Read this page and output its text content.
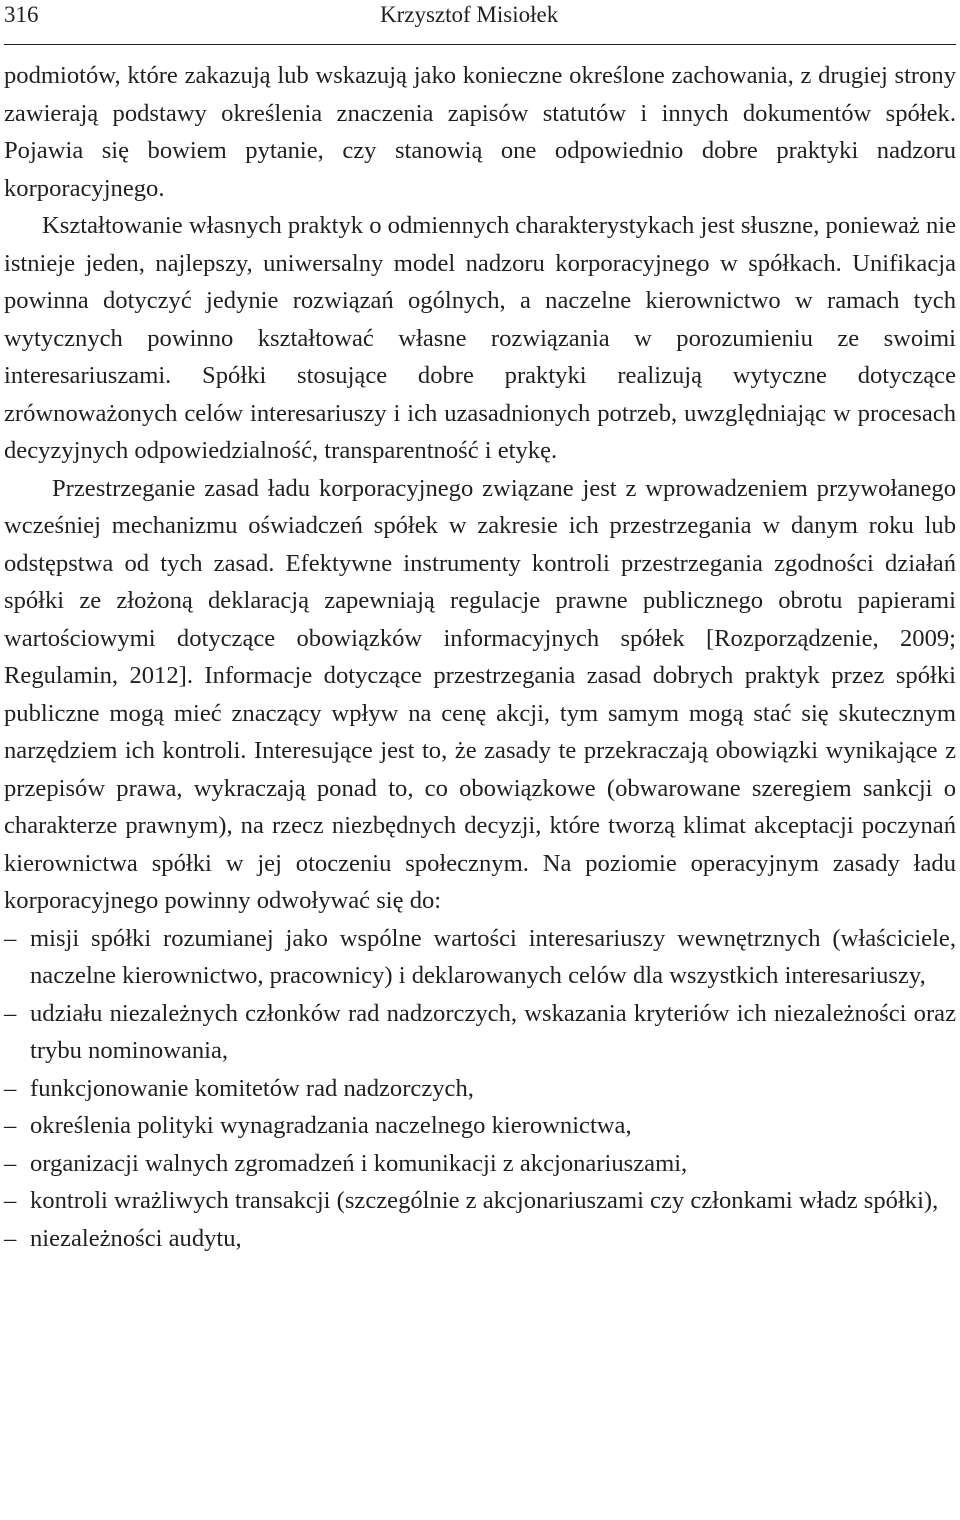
316	Krzysztof Misiołek

podmiotów, które zakazują lub wskazują jako konieczne określone zachowania, z drugiej strony zawierają podstawy określenia znaczenia zapisów statutów i innych dokumentów spółek. Pojawia się bowiem pytanie, czy stanowią one odpowiednio dobre praktyki nadzoru korporacyjnego.

Kształtowanie własnych praktyk o odmiennych charakterystykach jest słuszne, ponieważ nie istnieje jeden, najlepszy, uniwersalny model nadzoru korporacyjnego w spółkach. Unifikacja powinna dotyczyć jedynie rozwiązań ogólnych, a naczelne kierownictwo w ramach tych wytycznych powinno kształtować własne rozwiązania w porozumieniu ze swoimi interesariuszami. Spółki stosujące dobre praktyki realizują wytyczne dotyczące zrównoważonych celów interesariuszy i ich uzasadnionych potrzeb, uwzględniając w procesach decyzyjnych odpowiedzialność, transparentność i etykę.

Przestrzeganie zasad ładu korporacyjnego związane jest z wprowadzeniem przywołanego wcześniej mechanizmu oświadczeń spółek w zakresie ich przestrzegania w danym roku lub odstępstwa od tych zasad. Efektywne instrumenty kontroli przestrzegania zgodności działań spółki ze złożoną deklaracją zapewniają regulacje prawne publicznego obrotu papierami wartościowymi dotyczące obowiązków informacyjnych spółek [Rozporządzenie, 2009; Regulamin, 2012]. Informacje dotyczące przestrzegania zasad dobrych praktyk przez spółki publiczne mogą mieć znaczący wpływ na cenę akcji, tym samym mogą stać się skutecznym narzędziem ich kontroli. Interesujące jest to, że zasady te przekraczają obowiązki wynikające z przepisów prawa, wykraczają ponad to, co obowiązkowe (obwarowane szeregiem sankcji o charakterze prawnym), na rzecz niezbędnych decyzji, które tworzą klimat akceptacji poczynań kierownictwa spółki w jej otoczeniu społecznym. Na poziomie operacyjnym zasady ładu korporacyjnego powinny odwoływać się do:

– misji spółki rozumianej jako wspólne wartości interesariuszy wewnętrznych (właściciele, naczelne kierownictwo, pracownicy) i deklarowanych celów dla wszystkich interesariuszy,
– udziału niezależnych członków rad nadzorczych, wskazania kryteriów ich niezależności oraz trybu nominowania,
– funkcjonowanie komitetów rad nadzorczych,
– określenia polityki wynagradzania naczelnego kierownictwa,
– organizacji walnych zgromadzeń i komunikacji z akcjonariuszami,
– kontroli wrażliwych transakcji (szczególnie z akcjonariuszami czy członkami władz spółki),
– niezależności audytu,
